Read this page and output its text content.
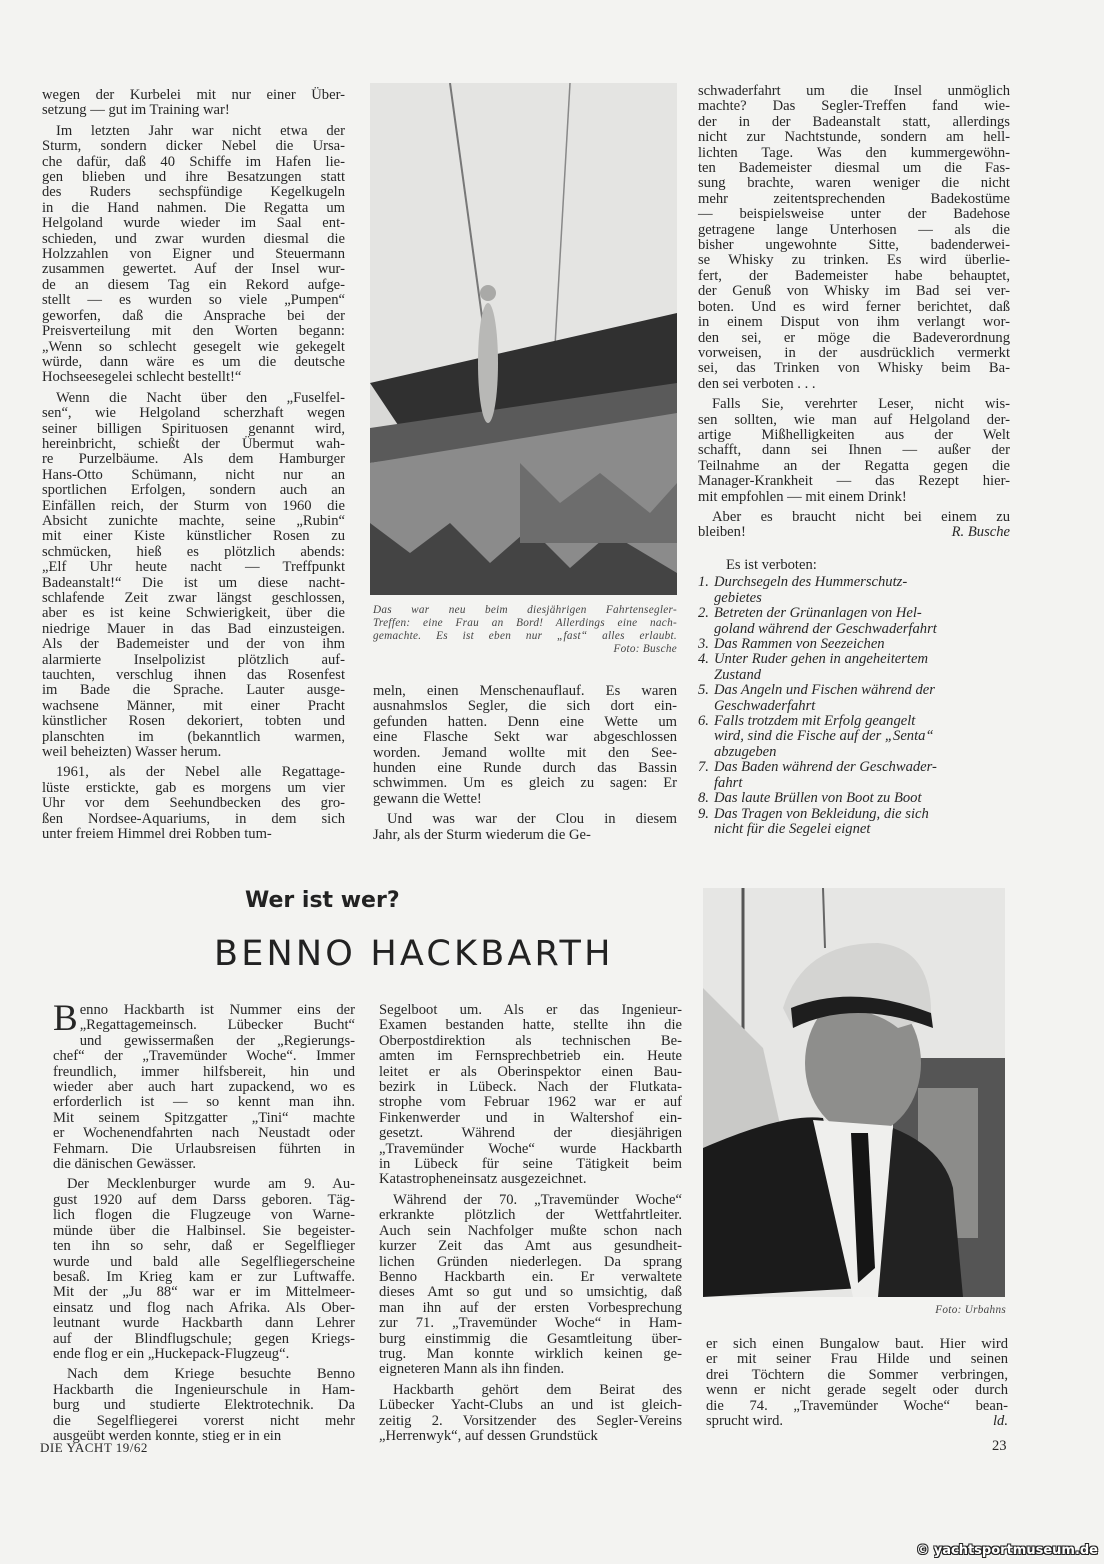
wegen der Kurbelei mit nur einer Über-
setzung — gut im Training war!
Im letzten Jahr war nicht etwa der
Sturm, sondern dicker Nebel die Ursa-
che dafür, daß 40 Schiffe im Hafen lie-
gen blieben und ihre Besatzungen statt
des Ruders sechspfündige Kegelkugeln
in die Hand nahmen. Die Regatta um
Helgoland wurde wieder im Saal ent-
schieden, und zwar wurden diesmal die
Holzzahlen von Eigner und Steuermann
zusammen gewertet. Auf der Insel wur-
de an diesem Tag ein Rekord aufge-
stellt — es wurden so viele „Pumpen“
geworfen, daß die Ansprache bei der
Preisverteilung mit den Worten begann:
„Wenn so schlecht gesegelt wie gekegelt
würde, dann wäre es um die deutsche
Hochseesegelei schlecht bestellt!“
Wenn die Nacht über den „Fuselfel-
sen“, wie Helgoland scherzhaft wegen
seiner billigen Spirituosen genannt wird,
hereinbricht, schießt der Übermut wah-
re Purzelbäume. Als dem Hamburger
Hans-Otto Schümann, nicht nur an
sportlichen Erfolgen, sondern auch an
Einfällen reich, der Sturm von 1960 die
Absicht zunichte machte, seine „Rubin“
mit einer Kiste künstlicher Rosen zu
schmücken, hieß es plötzlich abends:
„Elf Uhr heute nacht — Treffpunkt
Badeanstalt!“ Die ist um diese nacht-
schlafende Zeit zwar längst geschlossen,
aber es ist keine Schwierigkeit, über die
niedrige Mauer in das Bad einzusteigen.
Als der Bademeister und der von ihm
alarmierte Inselpolizist plötzlich auf-
tauchten, verschlug ihnen das Rosenfest
im Bade die Sprache. Lauter ausge-
wachsene Männer, mit einer Pracht
künstlicher Rosen dekoriert, tobten und
planschten im (bekanntlich warmen,
weil beheizten) Wasser herum.
1961, als der Nebel alle Regattage-
lüste erstickte, gab es morgens um vier
Uhr vor dem Seehundbecken des gro-
ßen Nordsee-Aquariums, in dem sich
unter freiem Himmel drei Robben tum-
Das war neu beim diesjährigen Fahrtensegler-
Treffen: eine Frau an Bord! Allerdings eine nach-
gemachte. Es ist eben nur „fast“ alles erlaubt.
Foto: Busche
meln, einen Menschenauflauf. Es waren
ausnahmslos Segler, die sich dort ein-
gefunden hatten. Denn eine Wette um
eine Flasche Sekt war abgeschlossen
worden. Jemand wollte mit den See-
hunden eine Runde durch das Bassin
schwimmen. Um es gleich zu sagen: Er
gewann die Wette!
Und was war der Clou in diesem
Jahr, als der Sturm wiederum die Ge-
schwaderfahrt um die Insel unmöglich
machte? Das Segler-Treffen fand wie-
der in der Badeanstalt statt, allerdings
nicht zur Nachtstunde, sondern am hell-
lichten Tage. Was den kummergewöhn-
ten Bademeister diesmal um die Fas-
sung brachte, waren weniger die nicht
mehr zeitentsprechenden Badekostüme
— beispielsweise unter der Badehose
getragene lange Unterhosen — als die
bisher ungewohnte Sitte, badenderwei-
se Whisky zu trinken. Es wird überlie-
fert, der Bademeister habe behauptet,
der Genuß von Whisky im Bad sei ver-
boten. Und es wird ferner berichtet, daß
in einem Disput von ihm verlangt wor-
den sei, er möge die Badeverordnung
vorweisen, in der ausdrücklich vermerkt
sei, das Trinken von Whisky beim Ba-
den sei verboten . . .
Falls Sie, verehrter Leser, nicht wis-
sen sollten, wie man auf Helgoland der-
artige Mißhelligkeiten aus der Welt
schafft, dann sei Ihnen — außer der
Teilnahme an der Regatta gegen die
Manager-Krankheit — das Rezept hier-
mit empfohlen — mit einem Drink!
Aber es braucht nicht bei einem zu
bleiben!	R. Busche
Es ist verboten:
1. Durchsegeln des Hummerschutz-
gebietes
2. Betreten der Grünanlagen von Hel-
goland während der Geschwaderfahrt
3. Das Rammen von Seezeichen
4. Unter Ruder gehen in angeheitertem
Zustand
5. Das Angeln und Fischen während der
Geschwaderfahrt
6. Falls trotzdem mit Erfolg geangelt
wird, sind die Fische auf der „Senta“
abzugeben
7. Das Baden während der Geschwader-
fahrt
8. Das laute Brüllen von Boot zu Boot
9. Das Tragen von Bekleidung, die sich
nicht für die Segelei eignet
Wer ist wer?
BENNO HACKBARTH
B enno Hackbarth ist Nummer eins der
„Regattagemeinsch. Lübecker Bucht“
und gewissermaßen der „Regierungs-
chef“ der „Travemünder Woche“. Immer
freundlich, immer hilfsbereit, hin und
wieder aber auch hart zupackend, wo es
erforderlich ist — so kennt man ihn.
Mit seinem Spitzgatter „Tini“ machte
er Wochenendfahrten nach Neustadt oder
Fehmarn. Die Urlaubsreisen führten in
die dänischen Gewässer.
Der Mecklenburger wurde am 9. Au-
gust 1920 auf dem Darss geboren. Täg-
lich flogen die Flugzeuge von Warne-
münde über die Halbinsel. Sie begeister-
ten ihn so sehr, daß er Segelflieger
wurde und bald alle Segelfliegerscheine
besaß. Im Krieg kam er zur Luftwaffe.
Mit der „Ju 88“ war er im Mittelmeer-
einsatz und flog nach Afrika. Als Ober-
leutnant wurde Hackbarth dann Lehrer
auf der Blindflugschule; gegen Kriegs-
ende flog er ein „Huckepack-Flugzeug“.
Nach dem Kriege besuchte Benno
Hackbarth die Ingenieurschule in Ham-
burg und studierte Elektrotechnik. Da
die Segelfliegerei vorerst nicht mehr
ausgeübt werden konnte, stieg er in ein
Segelboot um. Als er das Ingenieur-
Examen bestanden hatte, stellte ihn die
Oberpostdirektion als technischen Be-
amten im Fernsprechbetrieb ein. Heute
leitet er als Oberinspektor einen Bau-
bezirk in Lübeck. Nach der Flutkata-
strophe vom Februar 1962 war er auf
Finkenwerder und in Waltershof ein-
gesetzt. Während der diesjährigen
„Travemünder Woche“ wurde Hackbarth
in Lübeck für seine Tätigkeit beim
Katastropheneinsatz ausgezeichnet.
Während der 70. „Travemünder Woche“
erkrankte plötzlich der Wettfahrtleiter.
Auch sein Nachfolger mußte schon nach
kurzer Zeit das Amt aus gesundheit-
lichen Gründen niederlegen. Da sprang
Benno Hackbarth ein. Er verwaltete
dieses Amt so gut und so umsichtig, daß
man ihn auf der ersten Vorbesprechung
zur 71. „Travemünder Woche“ in Ham-
burg einstimmig die Gesamtleitung über-
trug. Man konnte wirklich keinen ge-
eigneteren Mann als ihn finden.
Hackbarth gehört dem Beirat des
Lübecker Yacht-Clubs an und ist gleich-
zeitig 2. Vorsitzender des Segler-Vereins
„Herrenwyk“, auf dessen Grundstück
Foto: Urbahns
er sich einen Bungalow baut. Hier wird
er mit seiner Frau Hilde und seinen
drei Töchtern die Sommer verbringen,
wenn er nicht gerade segelt oder durch
die 74. „Travemünder Woche“ bean-
sprucht wird.	ld.
DIE YACHT 19/62	23
© yachtsportmuseum.de
